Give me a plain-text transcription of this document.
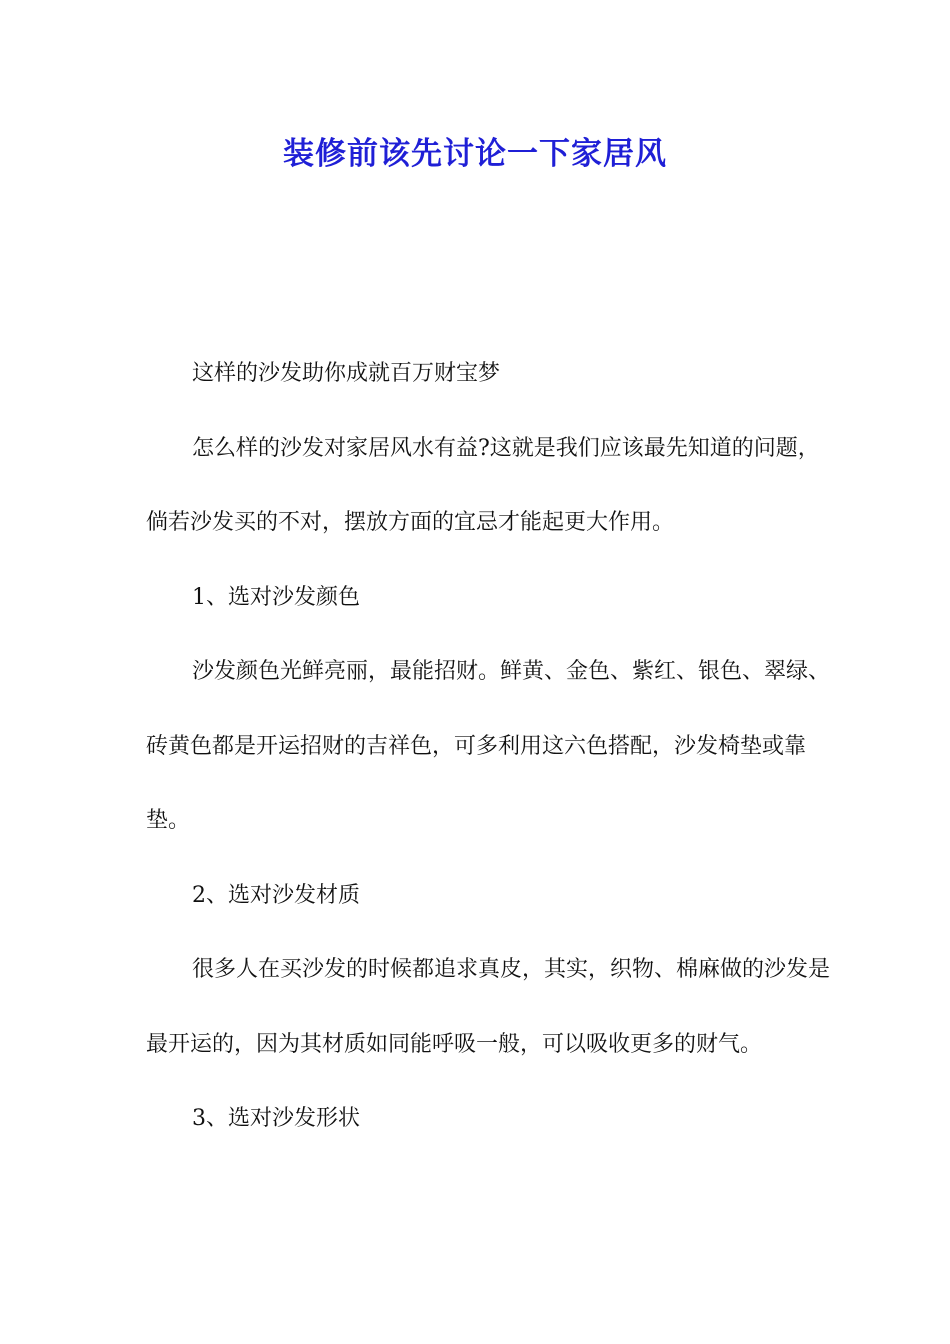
装修前该先讨论一下家居风

这样的沙发助你成就百万财宝梦

怎么样的沙发对家居风水有益?这就是我们应该最先知道的问题，倘若沙发买的不对，摆放方面的宜忌才能起更大作用。

1、选对沙发颜色

沙发颜色光鲜亮丽，最能招财。鲜黄、金色、紫红、银色、翠绿、砖黄色都是开运招财的吉祥色，可多利用这六色搭配，沙发椅垫或靠垫。

2、选对沙发材质

很多人在买沙发的时候都追求真皮，其实，织物、棉麻做的沙发是最开运的，因为其材质如同能呼吸一般，可以吸收更多的财气。

3、选对沙发形状
